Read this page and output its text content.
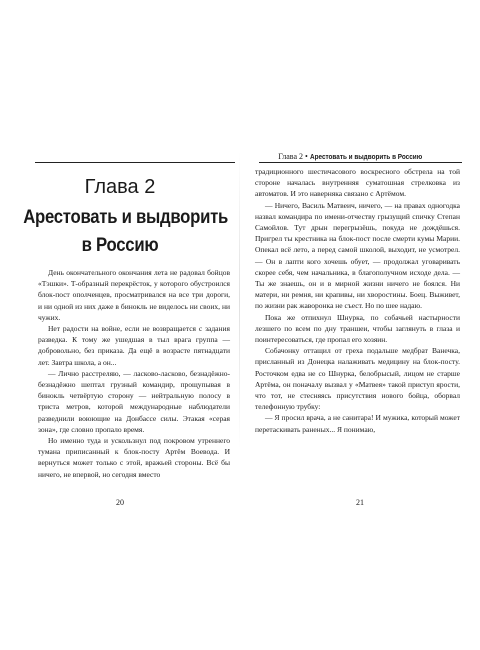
Глава 2
Арестовать и выдворить
в Россию

День окончательного окончания лета не радовал бойцов «Тэшки». Т-образный перекрёсток, у которого обустроился блок-пост ополченцев, просматривался на все три дороги, и ни одной из них даже в бинокль не виделось ни своих, ни чужих.

Нет радости на войне, если не возвращается с задания разведка. К тому же ушедшая в тыл врага группа — добровольно, без приказа. Да ещё в возрасте пятнадцати лет. Завтра школа, а он...

— Лично расстреляю, — ласково-ласково, безнадёжно-безнадёжно шептал грузный командир, прощупывая в бинокль четвёртую сторону — нейтральную полосу в триста метров, которой международные наблюдатели разведнили воюющие на Донбассе силы. Этакая «серая зона», где словно пропало время.

Но именно туда и ускользнул под покровом утреннего тумана приписанный к блок-посту Артём Воевода. И вернуться может только с этой, вражьей стороны. Всё бы ничего, не впервой, но сегодня вместо

20
Глава 2 • Арестовать и выдворить в Россию

традиционного шестичасового воскресного обстрела на той стороне началась внутренняя суматошная стрелковка из автоматов. И это наверняка связано с Артёмом.

— Ничего, Василь Матвеич, ничего, — на правах одногодка назвал командира по имени-отчеству грызущий спичку Степан Самойлов. Тут дрын перегрызёшь, покуда не дождёшься. Пригрел ты крестника на блок-пост после смерти кумы Марии. Опекал всё лето, а перед самой школой, выходит, не усмотрел. — Он в лапти кого хочешь обует, — продолжал уговаривать скорее себя, чем начальника, в благополучном исходе дела. — Ты же знаешь, он и в мирной жизни ничего не боялся. Ни матери, ни ремня, ни крапивы, ни хворостины. Боец. Выживет, по жизни рак жаворонка не съест. Но по шее надаю.

Пока же отпихнул Шнурка, по собачьей настырности лезшего по всем по дну траншеи, чтобы заглянуть в глаза и поинтересоваться, где пропал его хозяин.

Собачонку оттащил от греха подальше медбрат Ванечка, присланный из Донецка налаживать медицину на блок-посту. Росточком едва не со Шнурка, белобрысый, лицом не старше Артёма, он поначалу вызвал у «Матвея» такой приступ ярости, что тот, не стесняясь присутствия нового бойца, оборвал телефонную трубку:

— Я просил врача, а не санитара! И мужика, который может перетаскивать раненых... Я понимаю,

21
